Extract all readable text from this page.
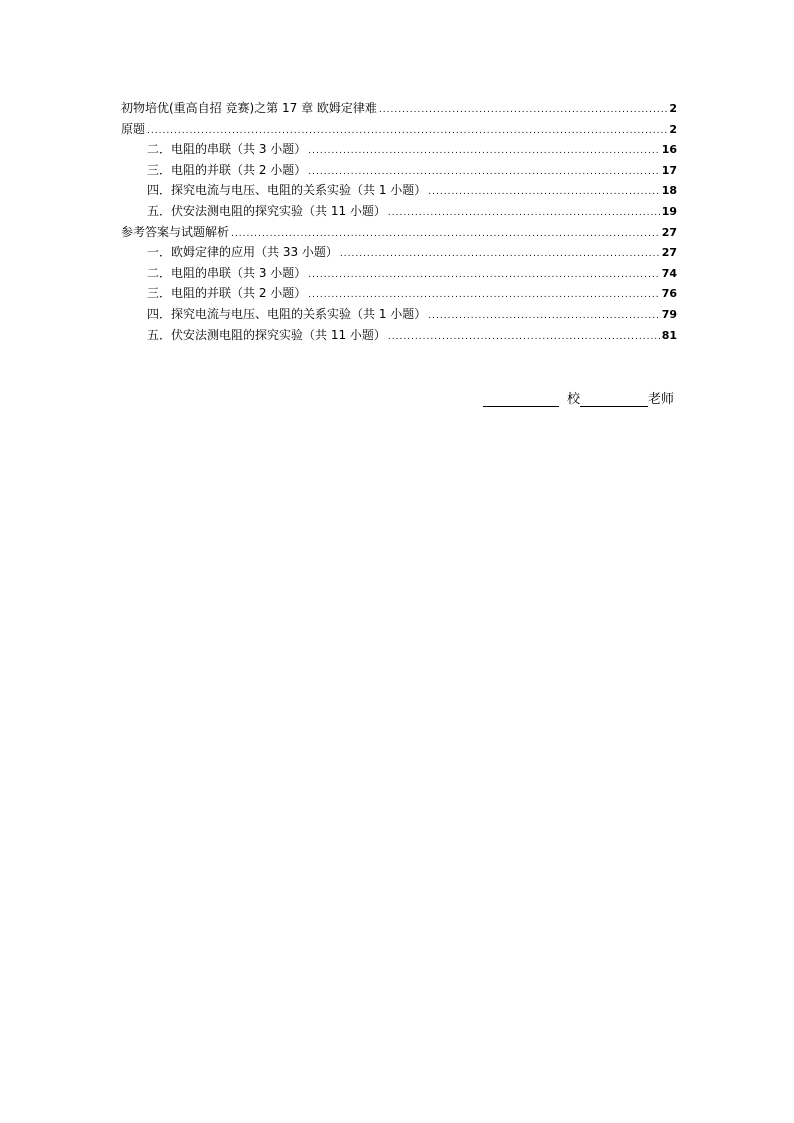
初物培优(重高自招 竞赛)之第 17 章 欧姆定律难 .....	2
原题 .....	2
二．电阻的串联（共 3 小题） .....	16
三．电阻的并联（共 2 小题） .....	17
四．探究电流与电压、电阻的关系实验（共 1 小题） .....	18
五．伏安法测电阻的探究实验（共 11 小题） .....	19
参考答案与试题解析 .....	27
一．欧姆定律的应用（共 33 小题） .....	27
二．电阻的串联（共 3 小题） .....	74
三．电阻的并联（共 2 小题） .....	76
四．探究电流与电压、电阻的关系实验（共 1 小题） .....	79
五．伏安法测电阻的探究实验（共 11 小题） .....	81
校	老师
